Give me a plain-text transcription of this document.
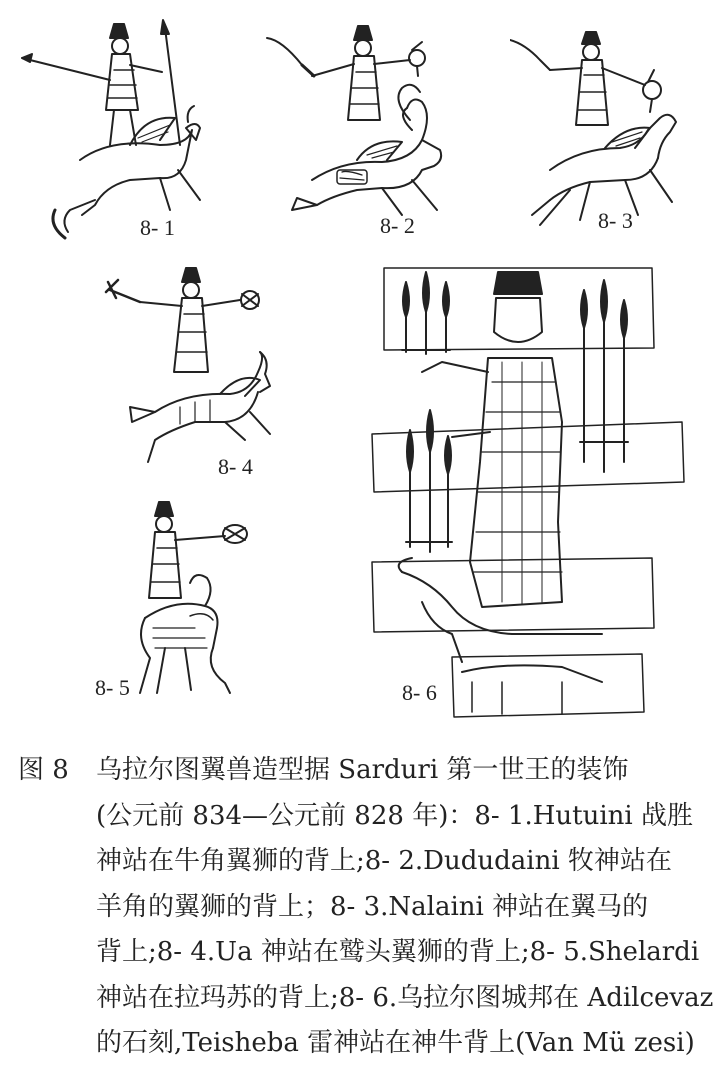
8- 1	8- 2	8- 3
8- 4
8- 5	8- 6
图 8	乌拉尔图翼兽造型据 Sarduri 第一世王的装饰
(公元前 834—公元前 828 年)：8- 1.Hutuini 战胜
神站在牛角翼狮的背上;8- 2.Dududaini 牧神站在
羊角的翼狮的背上；8- 3.Nalaini 神站在翼马的
背上;8- 4.Ua 神站在鹫头翼狮的背上;8- 5.Shelardi
神站在拉玛苏的背上;8- 6.乌拉尔图城邦在 Adilcevaz
的石刻,Teisheba 雷神站在神牛背上(Van Mü zesi)
